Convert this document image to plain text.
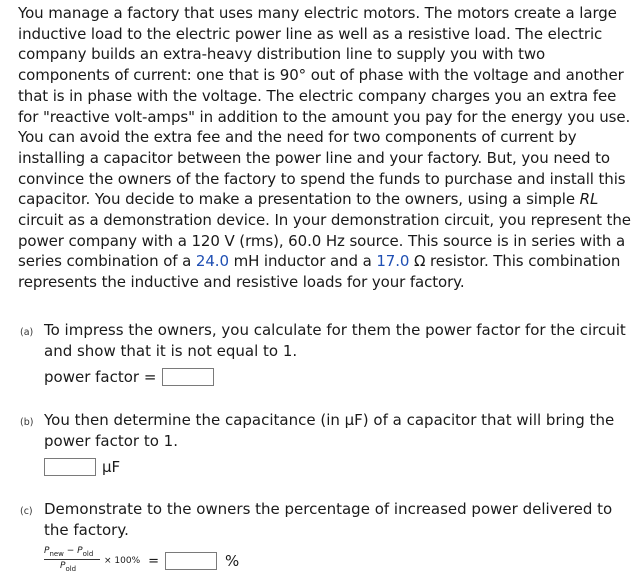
You manage a factory that uses many electric motors. The motors create a large inductive load to the electric power line as well as a resistive load. The electric company builds an extra-heavy distribution line to supply you with two components of current: one that is 90° out of phase with the voltage and another that is in phase with the voltage. The electric company charges you an extra fee for "reactive volt-amps" in addition to the amount you pay for the energy you use. You can avoid the extra fee and the need for two components of current by installing a capacitor between the power line and your factory. But, you need to convince the owners of the factory to spend the funds to purchase and install this capacitor. You decide to make a presentation to the owners, using a simple RL circuit as a demonstration device. In your demonstration circuit, you represent the power company with a 120 V (rms), 60.0 Hz source. This source is in series with a series combination of a 24.0 mH inductor and a 17.0 Ω resistor. This combination represents the inductive and resistive loads for your factory.
(a) To impress the owners, you calculate for them the power factor for the circuit and show that it is not equal to 1.
power factor =
(b) You then determine the capacitance (in μF) of a capacitor that will bring the power factor to 1.
μF
(c) Demonstrate to the owners the percentage of increased power delivered to the factory.
$P_{new} - P_{old}$
$P_{old}$
× 100% =	%
